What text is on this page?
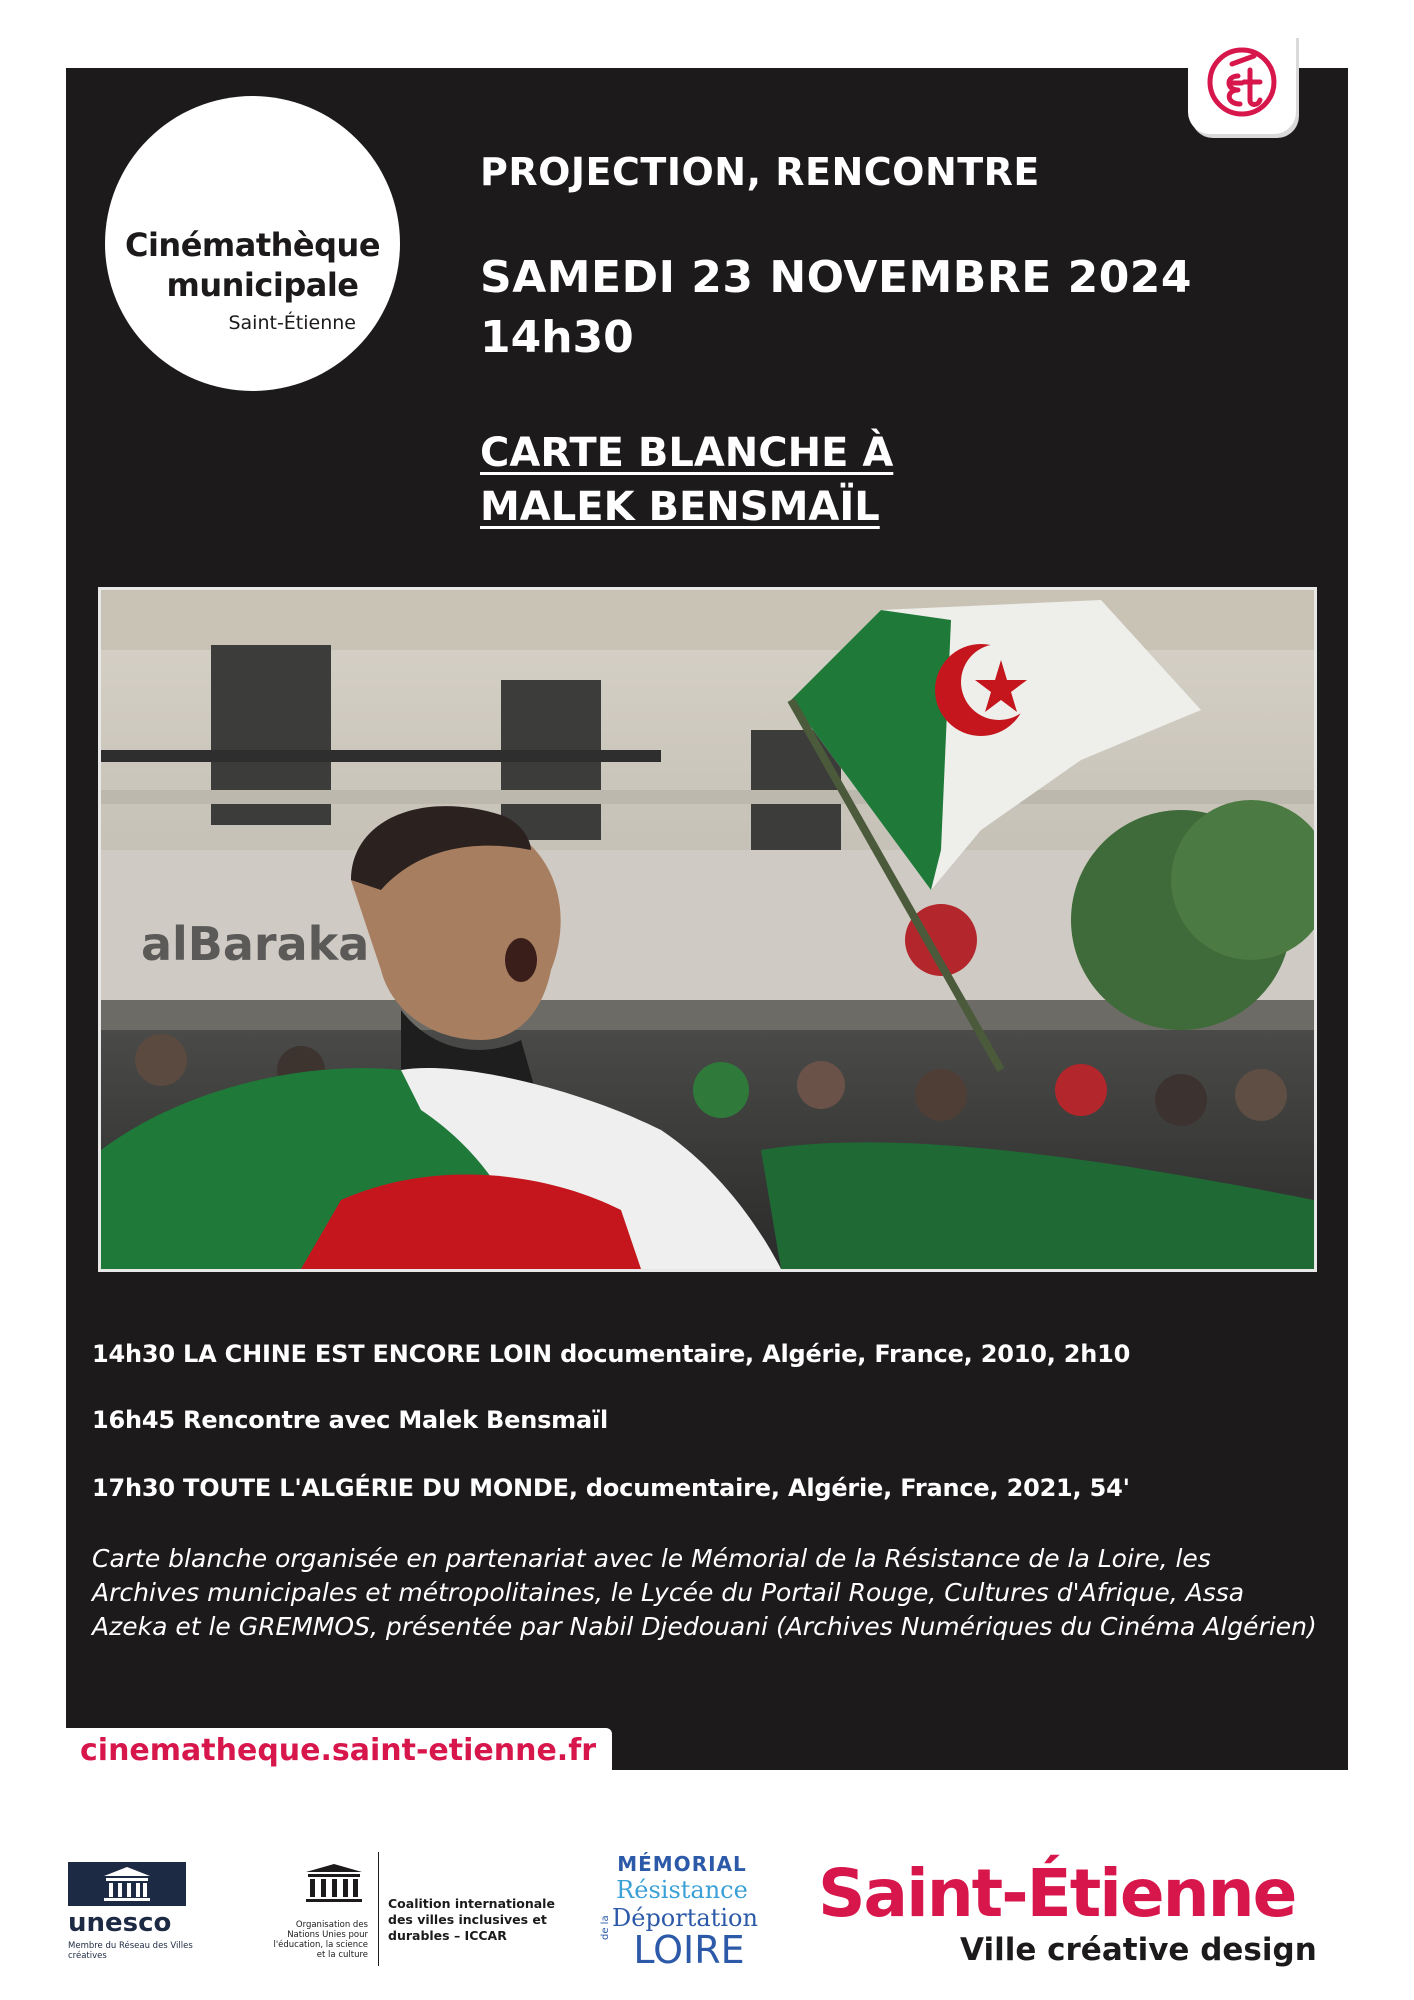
Cinémathèque
municipale
Saint-Étienne
PROJECTION, RENCONTRE
SAMEDI 23 NOVEMBRE 2024
14h30
CARTE BLANCHE À
MALEK BENSMAÏL
alBaraka
14h30 LA CHINE EST ENCORE LOIN documentaire, Algérie, France, 2010, 2h10
16h45 Rencontre avec Malek Bensmaïl
17h30 TOUTE L'ALGÉRIE DU MONDE, documentaire, Algérie, France, 2021, 54'
Carte blanche organisée en partenariat avec le Mémorial de la Résistance de la Loire, les Archives municipales et métropolitaines, le Lycée du Portail Rouge, Cultures d'Afrique, Assa Azeka et le GREMMOS, présentée par Nabil Djedouani (Archives Numériques du Cinéma Algérien)
cinematheque.saint-etienne.fr
unesco
Membre du Réseau des Villes créatives
Organisation des Nations Unies pour l'éducation, la science et la culture
Coalition internationale des villes inclusives et durables – ICCAR
MÉMORIAL
Résistance
Déportation
LOIRE
de la	Saint-Étienne
Ville créative design
